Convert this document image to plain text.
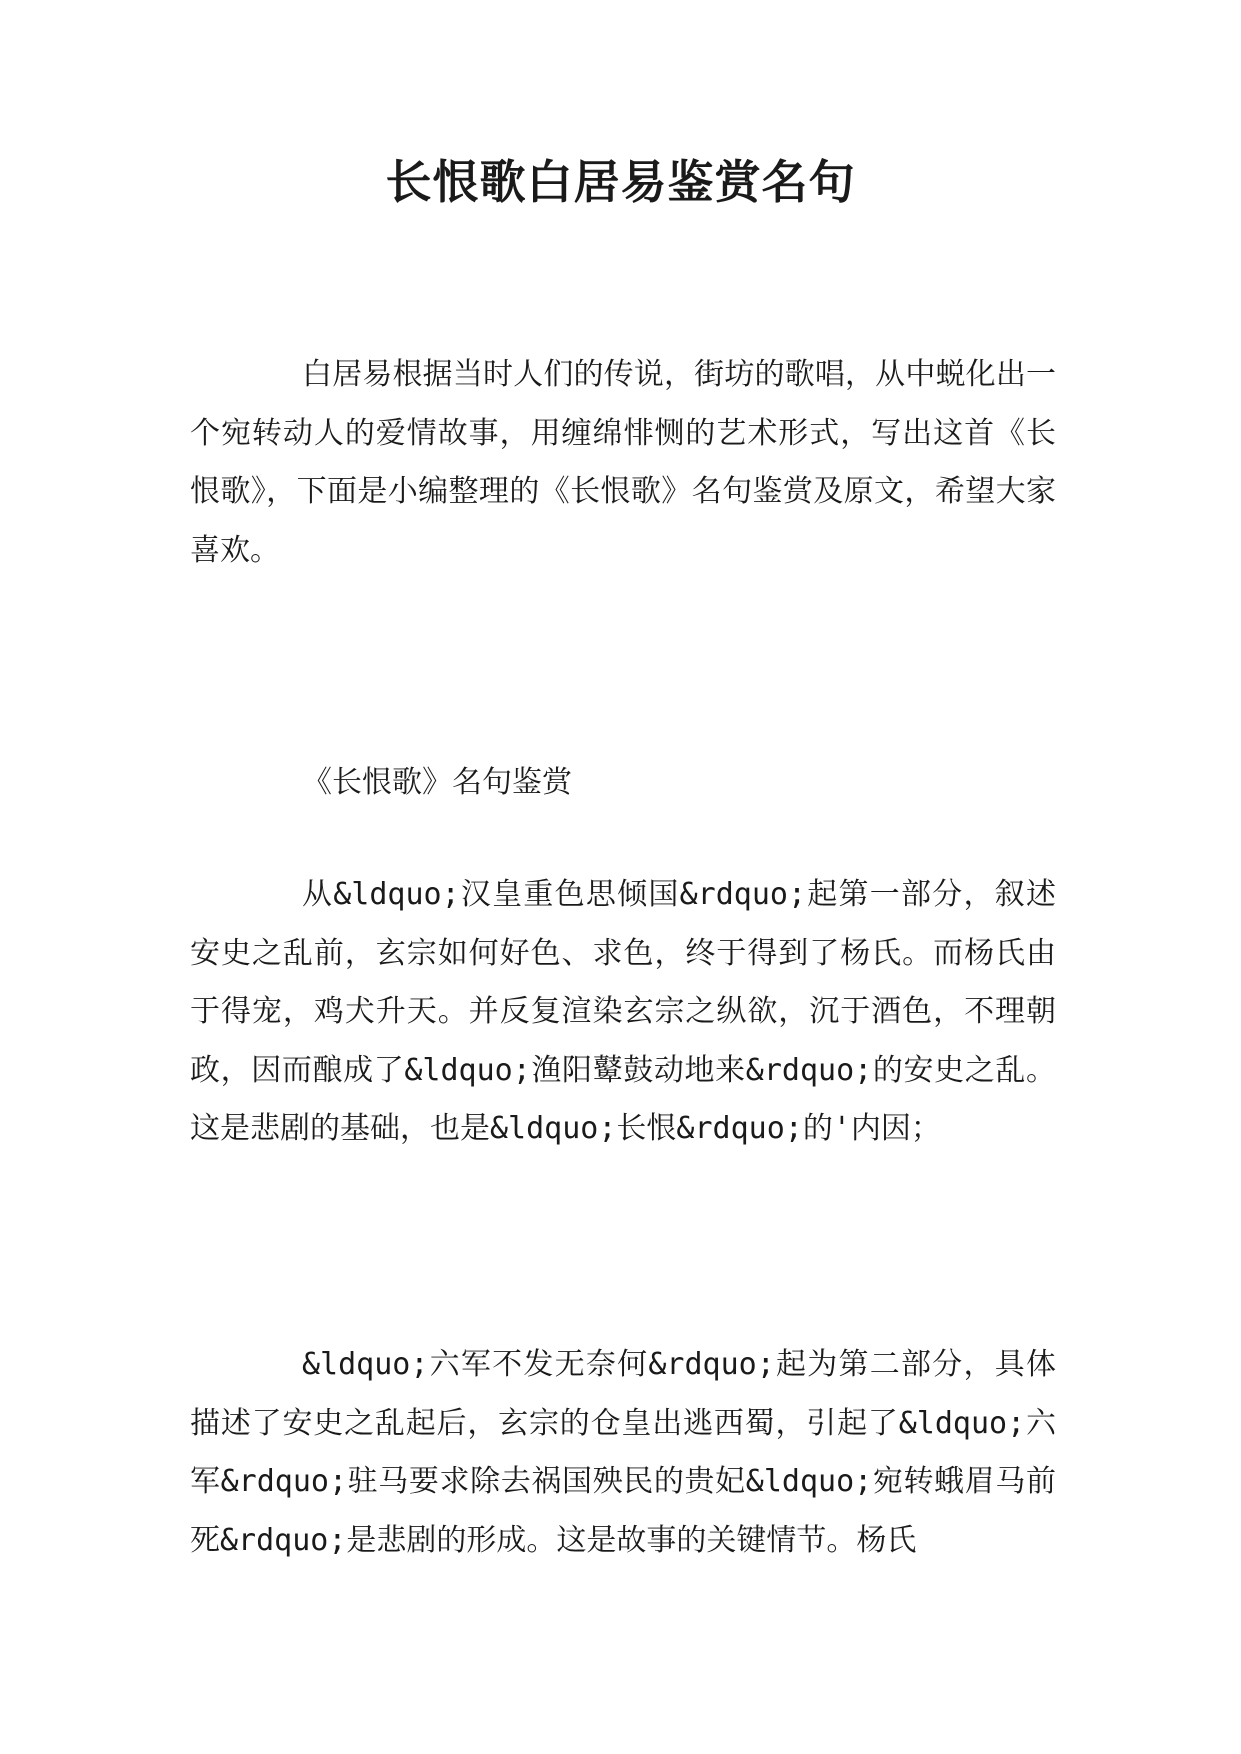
长恨歌白居易鉴赏名句

白居易根据当时人们的传说，街坊的歌唱，从中蜕化出一个宛转动人的爱情故事，用缠绵悱恻的艺术形式，写出这首《长恨歌》，下面是小编整理的《长恨歌》名句鉴赏及原文，希望大家喜欢。

《长恨歌》名句鉴赏

从&ldquo;汉皇重色思倾国&rdquo;起第一部分，叙述安史之乱前，玄宗如何好色、求色，终于得到了杨氏。而杨氏由于得宠，鸡犬升天。并反复渲染玄宗之纵欲，沉于酒色，不理朝政，因而酿成了&ldquo;渔阳鼙鼓动地来&rdquo;的安史之乱。这是悲剧的基础，也是&ldquo;长恨&rdquo;的'内因；

&ldquo;六军不发无奈何&rdquo;起为第二部分，具体描述了安史之乱起后，玄宗的仓皇出逃西蜀，引起了&ldquo;六军&rdquo;驻马要求除去祸国殃民的贵妃&ldquo;宛转蛾眉马前死&rdquo;是悲剧的形成。这是故事的关键情节。杨氏
